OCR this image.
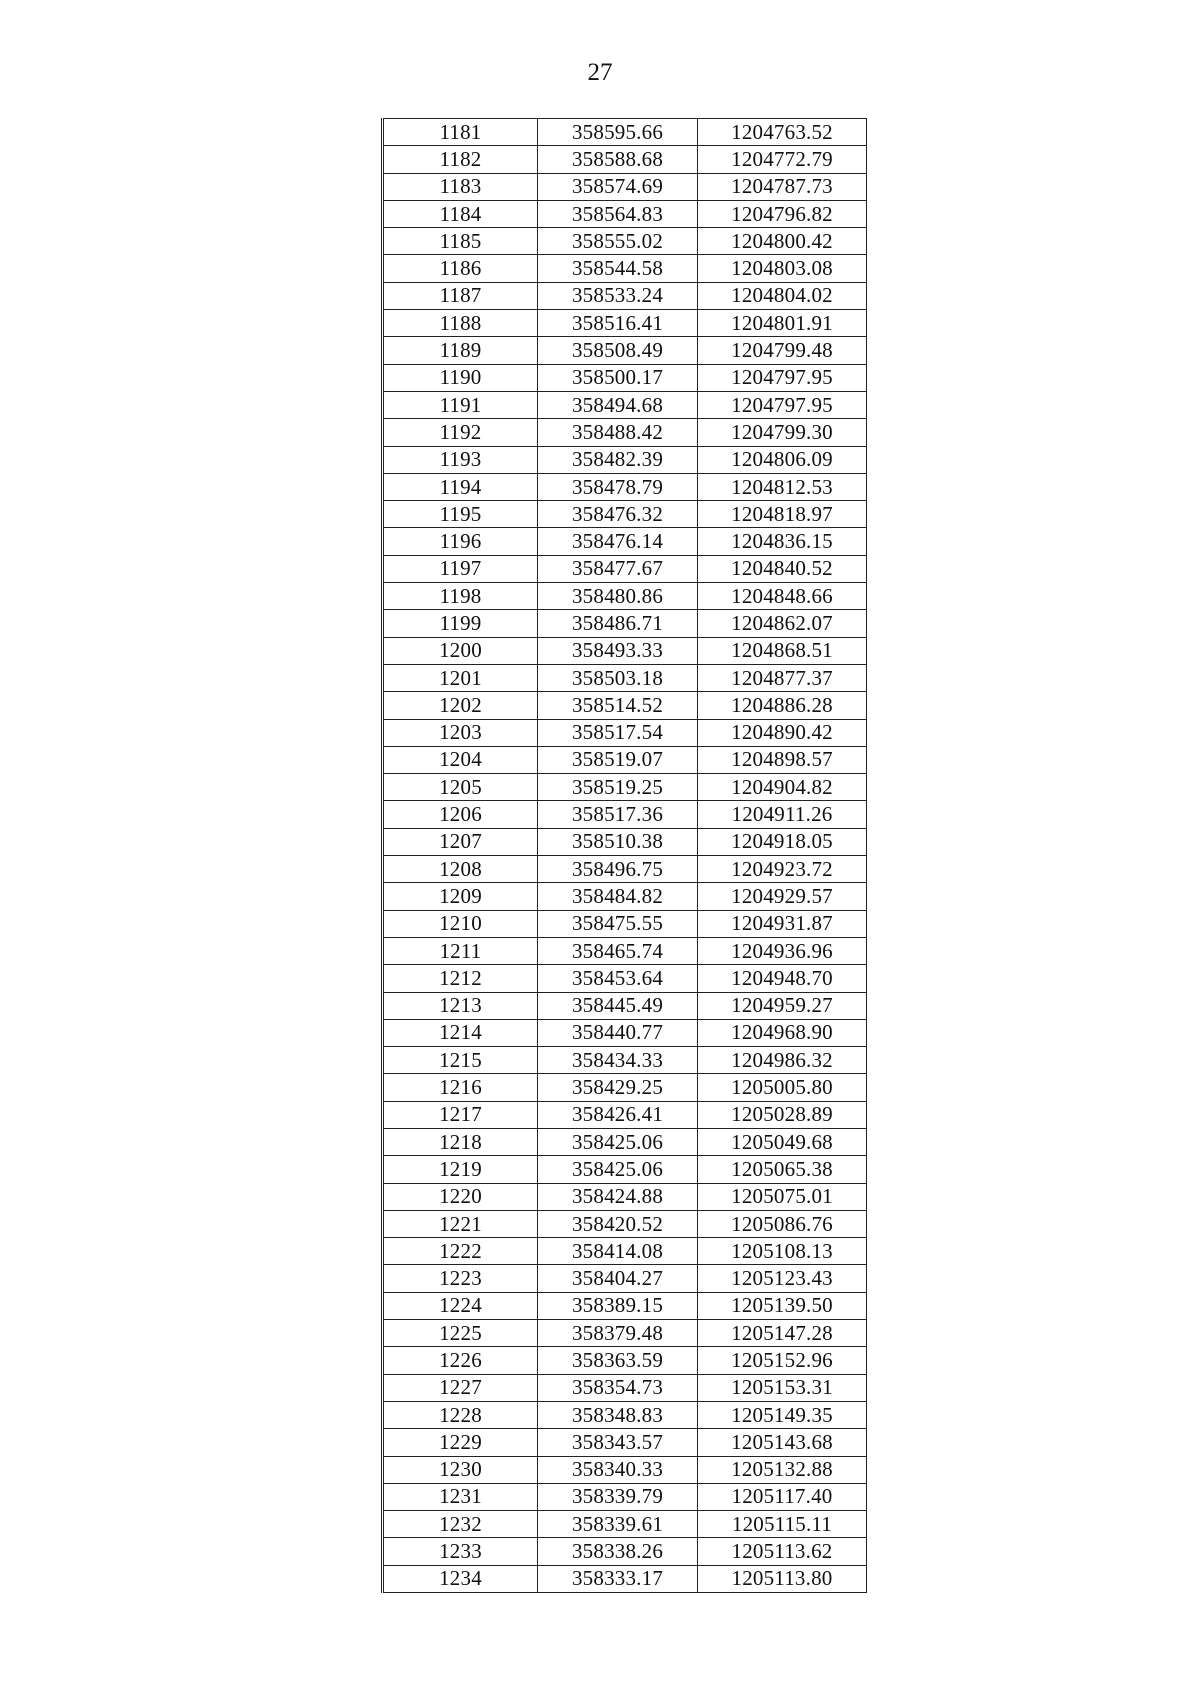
27
1181	358595.66	1204763.52
1182	358588.68	1204772.79
1183	358574.69	1204787.73
1184	358564.83	1204796.82
1185	358555.02	1204800.42
1186	358544.58	1204803.08
1187	358533.24	1204804.02
1188	358516.41	1204801.91
1189	358508.49	1204799.48
1190	358500.17	1204797.95
1191	358494.68	1204797.95
1192	358488.42	1204799.30
1193	358482.39	1204806.09
1194	358478.79	1204812.53
1195	358476.32	1204818.97
1196	358476.14	1204836.15
1197	358477.67	1204840.52
1198	358480.86	1204848.66
1199	358486.71	1204862.07
1200	358493.33	1204868.51
1201	358503.18	1204877.37
1202	358514.52	1204886.28
1203	358517.54	1204890.42
1204	358519.07	1204898.57
1205	358519.25	1204904.82
1206	358517.36	1204911.26
1207	358510.38	1204918.05
1208	358496.75	1204923.72
1209	358484.82	1204929.57
1210	358475.55	1204931.87
1211	358465.74	1204936.96
1212	358453.64	1204948.70
1213	358445.49	1204959.27
1214	358440.77	1204968.90
1215	358434.33	1204986.32
1216	358429.25	1205005.80
1217	358426.41	1205028.89
1218	358425.06	1205049.68
1219	358425.06	1205065.38
1220	358424.88	1205075.01
1221	358420.52	1205086.76
1222	358414.08	1205108.13
1223	358404.27	1205123.43
1224	358389.15	1205139.50
1225	358379.48	1205147.28
1226	358363.59	1205152.96
1227	358354.73	1205153.31
1228	358348.83	1205149.35
1229	358343.57	1205143.68
1230	358340.33	1205132.88
1231	358339.79	1205117.40
1232	358339.61	1205115.11
1233	358338.26	1205113.62
1234	358333.17	1205113.80
